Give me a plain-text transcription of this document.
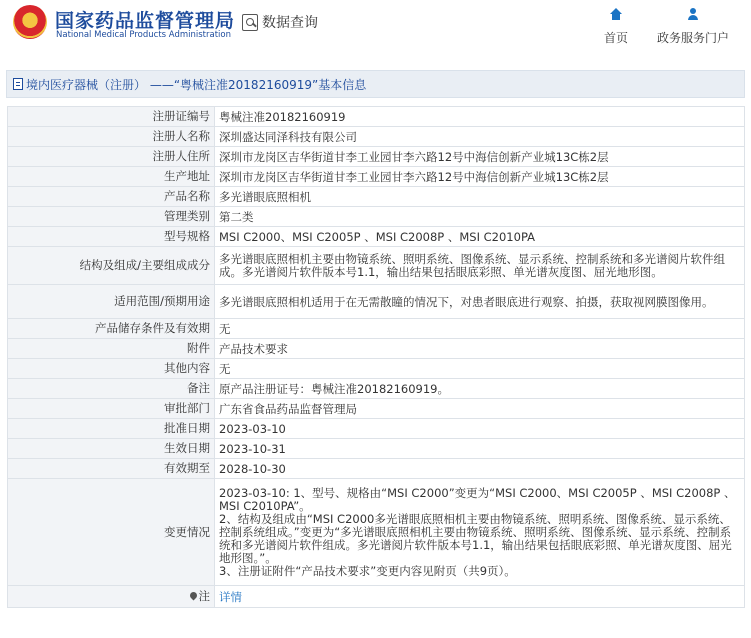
国家药品监督管理局
National Medical Products Administration
数据查询
首页 政务服务门户
境内医疗器械（注册） ——“粤械注准20182160919”基本信息
注册证编号	粤械注准20182160919
注册人名称	深圳盛达同泽科技有限公司
注册人住所	深圳市龙岗区吉华街道甘李工业园甘李六路12号中海信创新产业城13C栋2层
生产地址	深圳市龙岗区吉华街道甘李工业园甘李六路12号中海信创新产业城13C栋2层
产品名称	多光谱眼底照相机
管理类别	第二类
型号规格	MSI C2000、MSI C2005P 、MSI C2008P 、MSI C2010PA
结构及组成/主要组成成分	多光谱眼底照相机主要由物镜系统、照明系统、图像系统、显示系统、控制系统和多光谱阅片软件组成。多光谱阅片软件版本号1.1，输出结果包括眼底彩照、单光谱灰度图、屈光地形图。
适用范围/预期用途	多光谱眼底照相机适用于在无需散瞳的情况下，对患者眼底进行观察、拍摄，获取视网膜图像用。
产品储存条件及有效期	无
附件	产品技术要求
其他内容	无
备注	原产品注册证号：粤械注准20182160919。
审批部门	广东省食品药品监督管理局
批准日期	2023-03-10
生效日期	2023-10-31
有效期至	2028-10-30
变更情况	2023-03-10: 1、型号、规格由“MSI C2000”变更为“MSI C2000、MSI C2005P 、MSI C2008P 、MSI C2010PA”。
2、结构及组成由“MSI C2000多光谱眼底照相机主要由物镜系统、照明系统、图像系统、显示系统、控制系统组成。”变更为“多光谱眼底照相机主要由物镜系统、照明系统、图像系统、显示系统、控制系统和多光谱阅片软件组成。多光谱阅片软件版本号1.1，输出结果包括眼底彩照、单光谱灰度图、屈光地形图。”。
3、注册证附件“产品技术要求”变更内容见附页（共9页）。

注	详情
